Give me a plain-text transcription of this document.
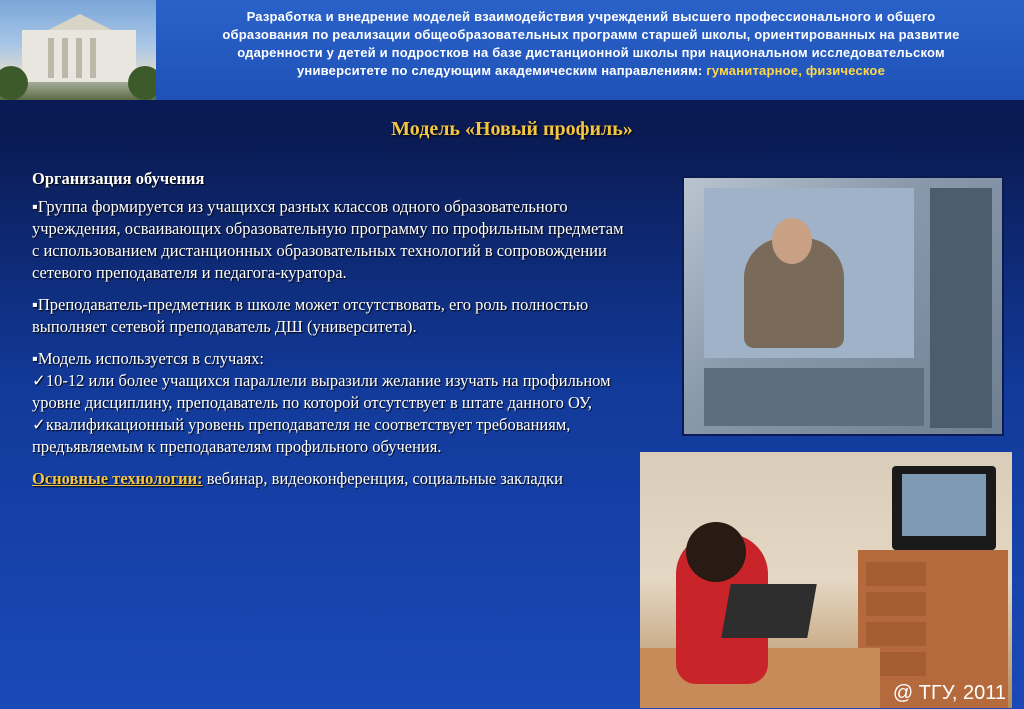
Разработка и внедрение моделей взаимодействия учреждений высшего профессионального и общего
образования по реализации общеобразовательных программ старшей школы, ориентированных на развитие
одаренности у детей и подростков на базе дистанционной школы при национальном исследовательском
университете по следующим академическим направлениям: гуманитарное, физическое
Модель «Новый профиль»

Организация обучения

▪Группа формируется из учащихся разных классов одного образовательного учреждения, осваивающих образовательную программу по профильным предметам с использованием дистанционных образовательных технологий в сопровождении сетевого преподавателя и педагога-куратора.

▪Преподаватель-предметник в школе может отсутствовать, его роль полностью выполняет сетевой преподаватель ДШ (университета).

▪Модель используется в случаях:
✓10-12 или более учащихся параллели выразили желание изучать на профильном уровне дисциплину, преподаватель по которой отсутствует в штате данного ОУ,
✓квалификационный уровень преподавателя не соответствует требованиям, предъявляемым к преподавателям профильного обучения.

Основные технологии: вебинар, видеоконференция, социальные закладки

@ ТГУ, 2011
